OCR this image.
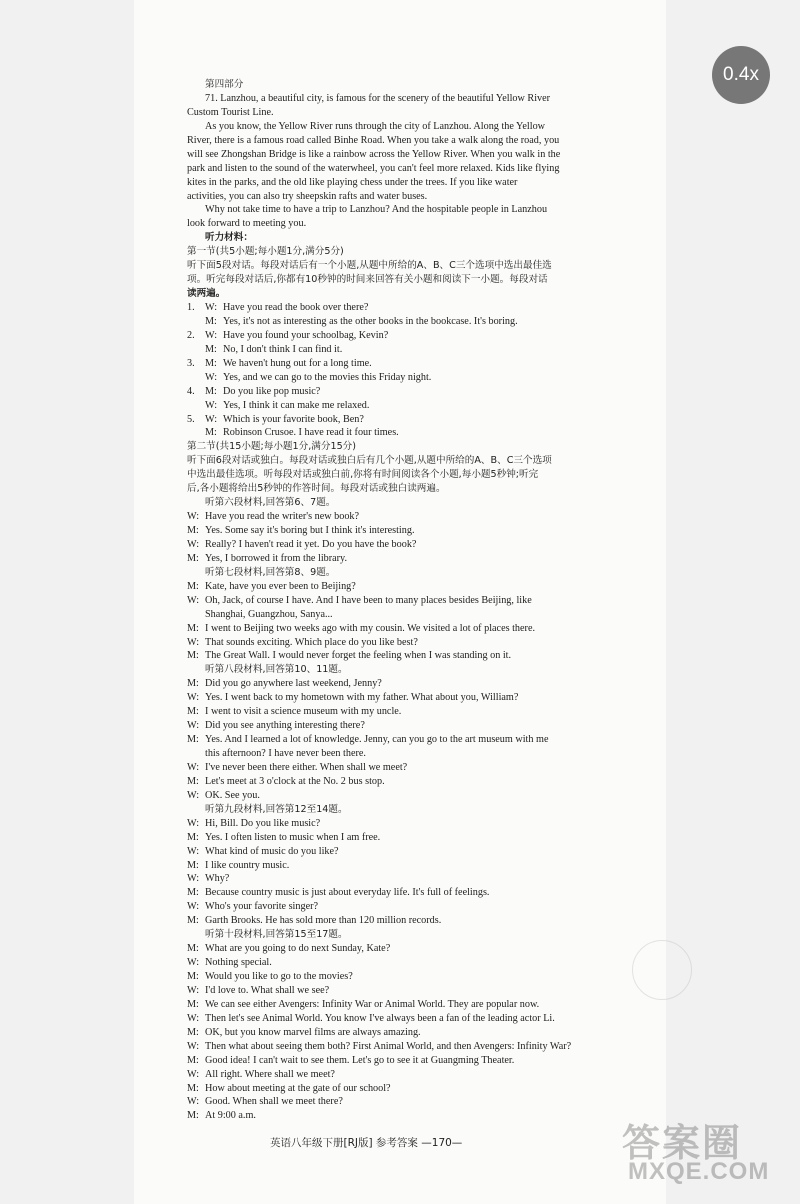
0.4x
第四部分
71. Lanzhou, a beautiful city, is famous for the scenery of the beautiful Yellow River
Custom Tourist Line.
As you know, the Yellow River runs through the city of Lanzhou. Along the Yellow
River, there is a famous road called Binhe Road. When you take a walk along the road, you
will see Zhongshan Bridge is like a rainbow across the Yellow River. When you walk in the
park and listen to the sound of the waterwheel, you can't feel more relaxed. Kids like flying
kites in the parks, and the old like playing chess under the trees. If you like water
activities, you can also try sheepskin rafts and water buses.
Why not take time to have a trip to Lanzhou? And the hospitable people in Lanzhou
look forward to meeting you.
听力材料：
第一节(共5小题;每小题1分,满分5分)
听下面5段对话。每段对话后有一个小题,从题中所给的A、B、C三个选项中选出最佳选
项。听完每段对话后,你都有10秒钟的时间来回答有关小题和阅读下一小题。每段对话
读两遍。
1. W: Have you read the book over there?
M: Yes, it's not as interesting as the other books in the bookcase. It's boring.
2. W: Have you found your schoolbag, Kevin?
M: No, I don't think I can find it.
3. M: We haven't hung out for a long time.
W: Yes, and we can go to the movies this Friday night.
4. M: Do you like pop music?
W: Yes, I think it can make me relaxed.
5. W: Which is your favorite book, Ben?
M: Robinson Crusoe. I have read it four times.
第二节(共15小题;每小题1分,满分15分)
听下面6段对话或独白。每段对话或独白后有几个小题,从题中所给的A、B、C三个选项
中选出最佳选项。听每段对话或独白前,你将有时间阅读各个小题,每小题5秒钟;听完
后,各小题将给出5秒钟的作答时间。每段对话或独白读两遍。
听第六段材料,回答第6、7题。
W: Have you read the writer's new book?
M: Yes. Some say it's boring but I think it's interesting.
W: Really? I haven't read it yet. Do you have the book?
M: Yes, I borrowed it from the library.
听第七段材料,回答第8、9题。
M: Kate, have you ever been to Beijing?
W: Oh, Jack, of course I have. And I have been to many places besides Beijing, like
Shanghai, Guangzhou, Sanya...
M: I went to Beijing two weeks ago with my cousin. We visited a lot of places there.
W: That sounds exciting. Which place do you like best?
M: The Great Wall. I would never forget the feeling when I was standing on it.
听第八段材料,回答第10、11题。
M: Did you go anywhere last weekend, Jenny?
W: Yes. I went back to my hometown with my father. What about you, William?
M: I went to visit a science museum with my uncle.
W: Did you see anything interesting there?
M: Yes. And I learned a lot of knowledge. Jenny, can you go to the art museum with me
this afternoon? I have never been there.
W: I've never been there either. When shall we meet?
M: Let's meet at 3 o'clock at the No. 2 bus stop.
W: OK. See you.
听第九段材料,回答第12至14题。
W: Hi, Bill. Do you like music?
M: Yes. I often listen to music when I am free.
W: What kind of music do you like?
M: I like country music.
W: Why?
M: Because country music is just about everyday life. It's full of feelings.
W: Who's your favorite singer?
M: Garth Brooks. He has sold more than 120 million records.
听第十段材料,回答第15至17题。
M: What are you going to do next Sunday, Kate?
W: Nothing special.
M: Would you like to go to the movies?
W: I'd love to. What shall we see?
M: We can see either Avengers: Infinity War or Animal World. They are popular now.
W: Then let's see Animal World. You know I've always been a fan of the leading actor Li.
M: OK, but you know marvel films are always amazing.
W: Then what about seeing them both? First Animal World, and then Avengers: Infinity War?
M: Good idea! I can't wait to see them. Let's go to see it at Guangming Theater.
W: All right. Where shall we meet?
M: How about meeting at the gate of our school?
W: Good. When shall we meet there?
M: At 9:00 a.m.
英语八年级下册[RJ版] 参考答案 —170—	答案圈
MXQE.COM
